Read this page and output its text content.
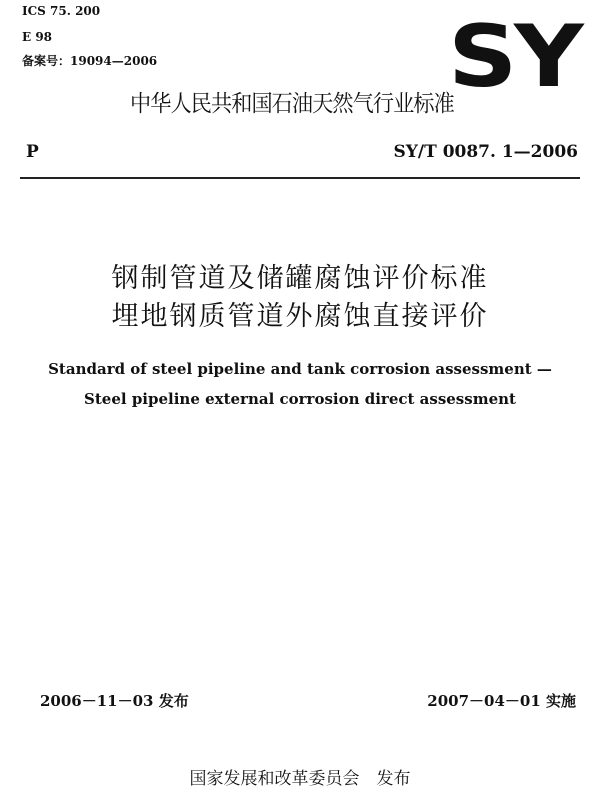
ICS 75. 200
E 98
备案号：19094—2006	SY
中华人民共和国石油天然气行业标准
P	SY/T 0087. 1—2006
钢制管道及储罐腐蚀评价标准
埋地钢质管道外腐蚀直接评价
Standard of steel pipeline and tank corrosion assessment —
Steel pipeline external corrosion direct assessment
2006－11－03 发布	2007－04－01 实施
国家发展和改革委员会　发布
